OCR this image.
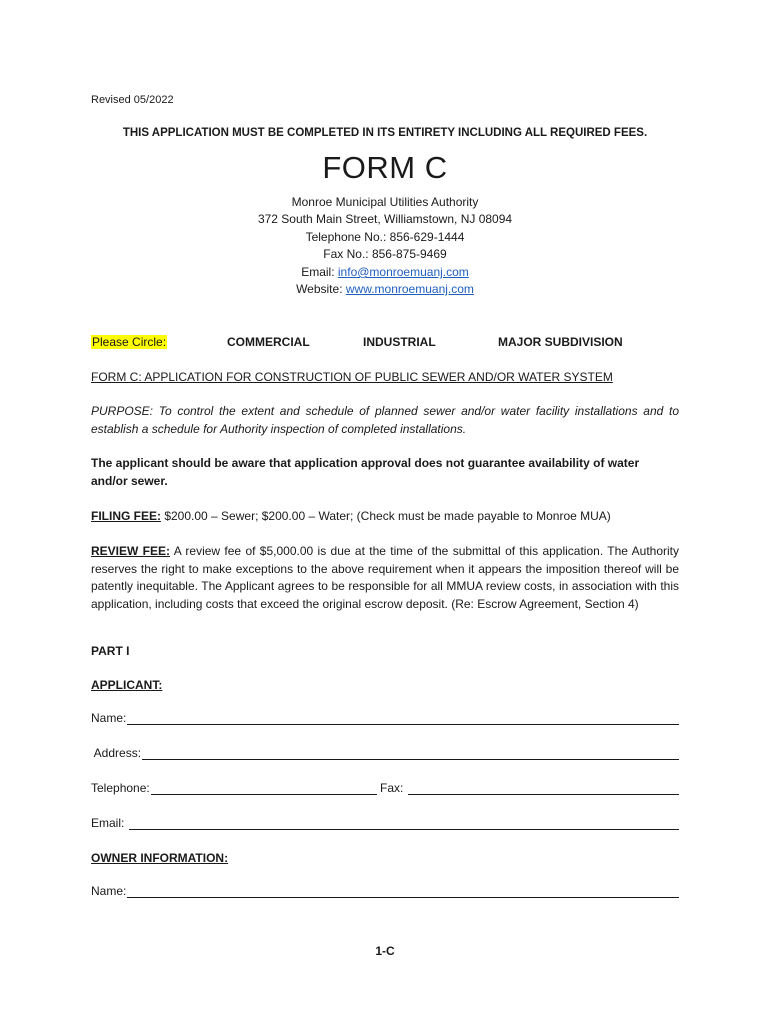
Revised 05/2022
THIS APPLICATION MUST BE COMPLETED IN ITS ENTIRETY INCLUDING ALL REQUIRED FEES.
FORM C
Monroe Municipal Utilities Authority
372 South Main Street, Williamstown, NJ 08094
Telephone No.: 856-629-1444
Fax No.: 856-875-9469
Email: info@monroemuanj.com
Website: www.monroemuanj.com
Please Circle:	COMMERCIAL	INDUSTRIAL	MAJOR SUBDIVISION
FORM C: APPLICATION FOR CONSTRUCTION OF PUBLIC SEWER AND/OR WATER SYSTEM
PURPOSE: To control the extent and schedule of planned sewer and/or water facility installations and to establish a schedule for Authority inspection of completed installations.
The applicant should be aware that application approval does not guarantee availability of water and/or sewer.
FILING FEE: $200.00 – Sewer; $200.00 – Water; (Check must be made payable to Monroe MUA)
REVIEW FEE: A review fee of $5,000.00 is due at the time of the submittal of this application. The Authority reserves the right to make exceptions to the above requirement when it appears the imposition thereof will be patently inequitable. The Applicant agrees to be responsible for all MMUA review costs, in association with this application, including costs that exceed the original escrow deposit. (Re: Escrow Agreement, Section 4)
PART I
APPLICANT:
Name:
Address:
Telephone:	Fax:
Email:
OWNER INFORMATION:
Name:
1-C
